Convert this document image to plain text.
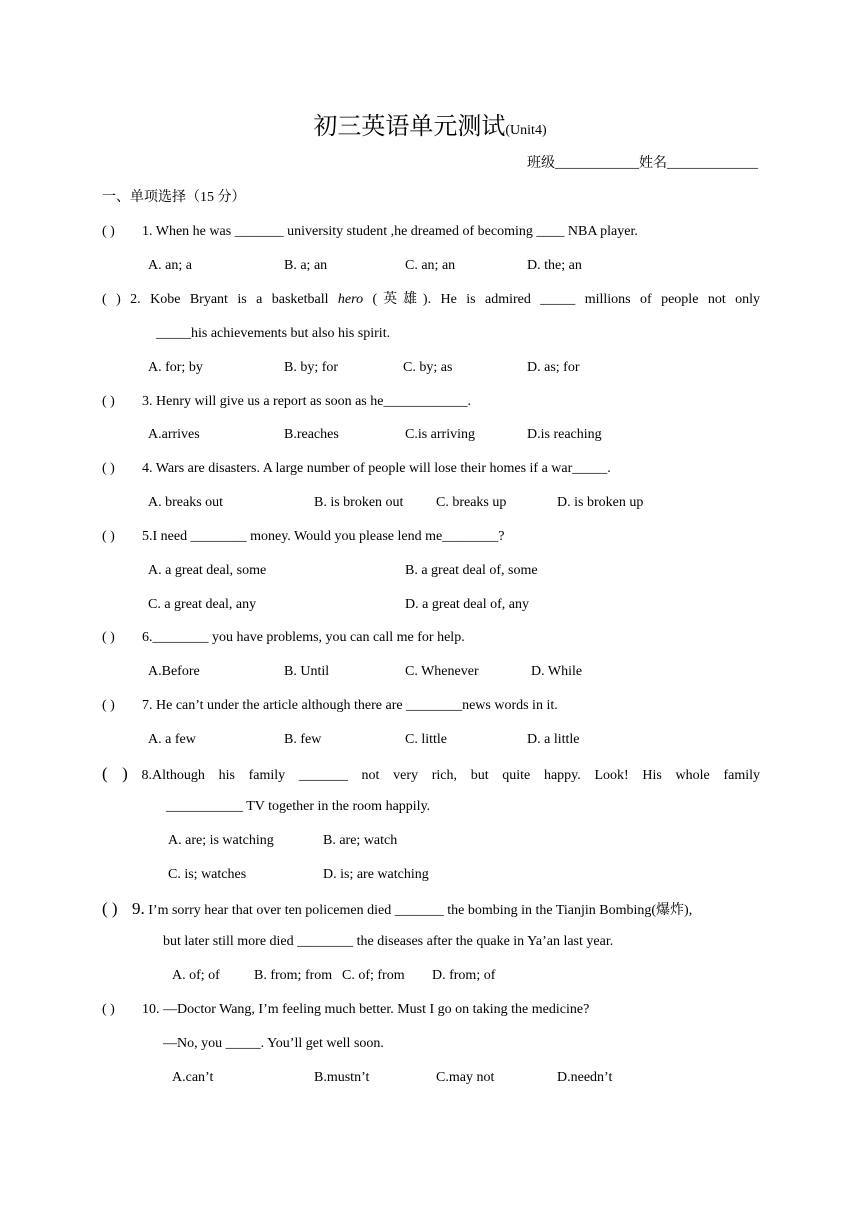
初三英语单元测试(Unit4)
班级____________姓名_____________
一、单项选择（15 分）
( ) 1. When he was _______ university student ,he dreamed of becoming ____ NBA player.
A. an; a	B. a; an	C. an; an	D. the; an
( ) 2. Kobe Bryant is a basketball hero (英雄). He is admired _____ millions of people not only
_____his achievements but also his spirit.
A. for; by	B. by; for	C. by; as	D. as; for
( ) 3. Henry will give us a report as soon as he____________.
A.arrives	B.reaches	C.is arriving	D.is reaching
( ) 4. Wars are disasters. A large number of people will lose their homes if a war_____.
A. breaks out	B. is broken out C. breaks up	D. is broken up
( ) 5.I need ________ money. Would you please lend me________?
A. a great deal, some	B. a great deal of, some
C. a great deal, any	D. a great deal of, any
( ) 6.________ you have problems, you can call me for help.
A.Before	B. Until	C. Whenever	D. While
( ) 7. He can’t under the article although there are ________news words in it.
A. a few	B. few	C. little	D. a little
( ) 8.Although his family _______ not very rich, but quite happy. Look! His whole family
___________ TV together in the room happily.
A. are; is watching	B. are; watch
C. is; watches	D. is; are watching
( ) 9. I’m sorry hear that over ten policemen died _______ the bombing in the Tianjin Bombing(爆炸),
but later still more died ________ the diseases after the quake in Ya’an last year.
A. of; of B. from; from C. of; from D. from; of
( ) 10. —Doctor Wang, I’m feeling much better. Must I go on taking the medicine?
—No, you _____. You’ll get well soon.
A.can’t	B.mustn’t	C.may not	D.needn’t
